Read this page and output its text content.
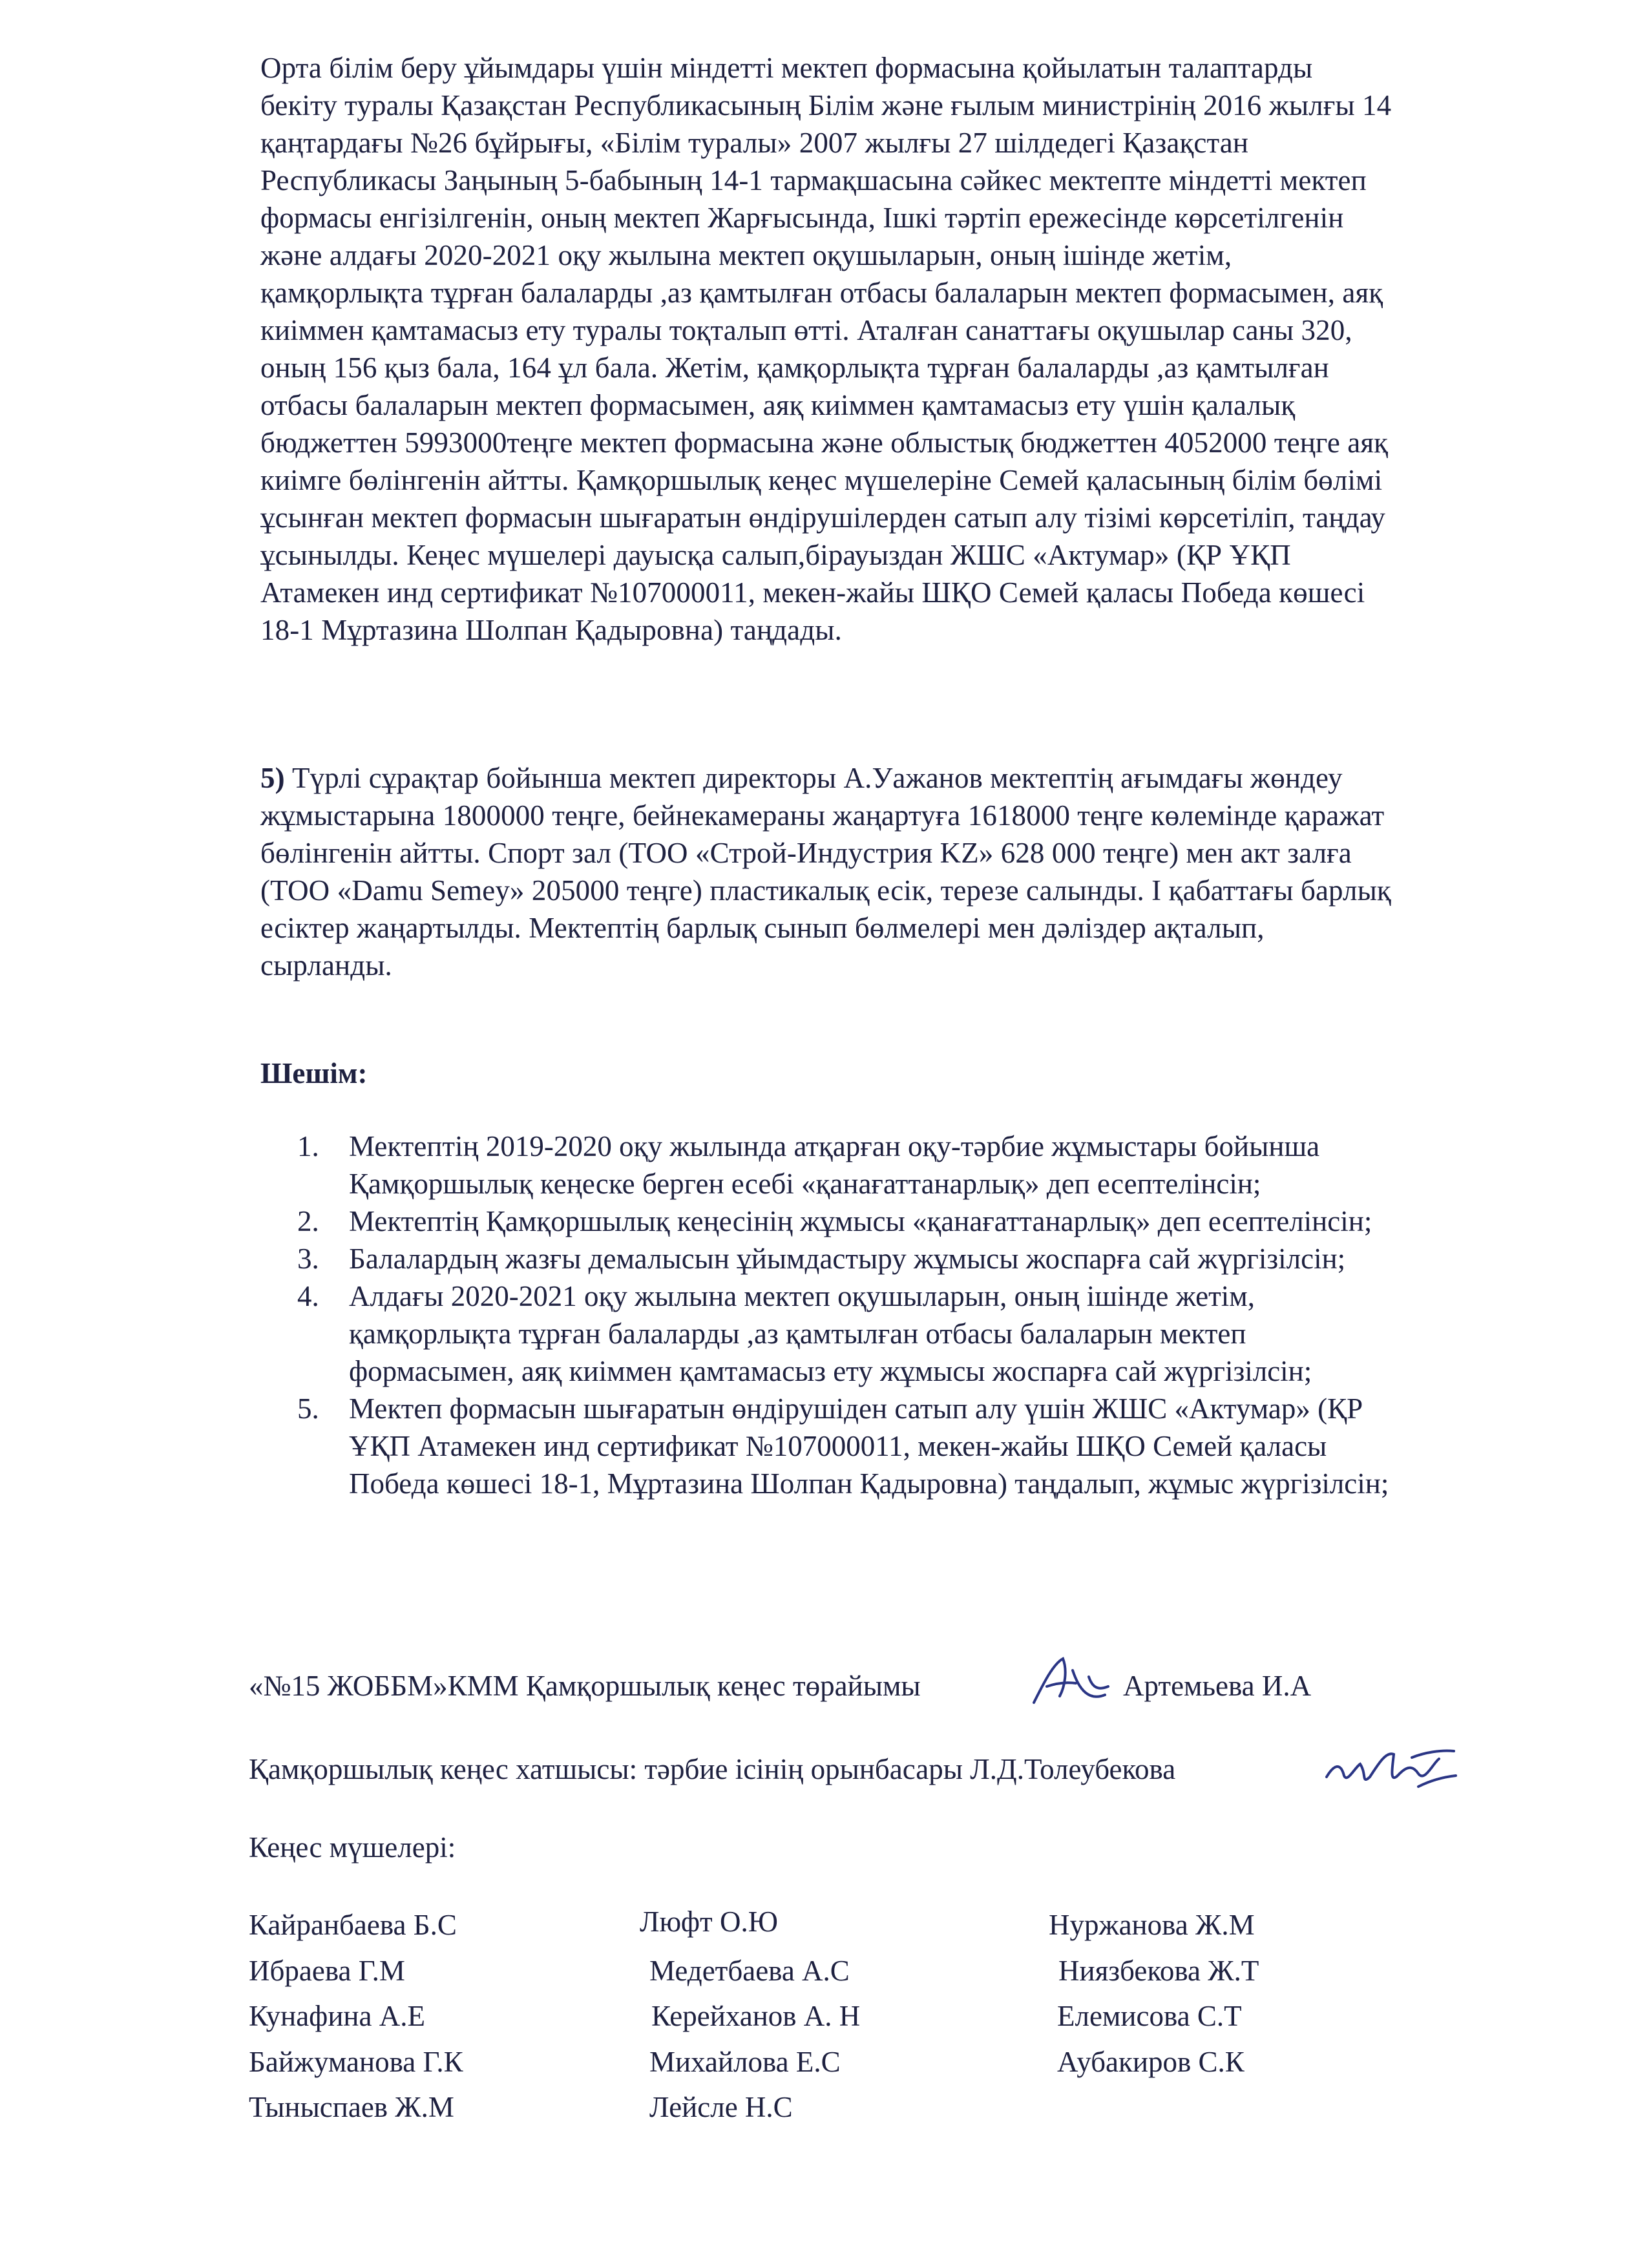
Орта білім беру ұйымдары үшін міндетті мектеп формасына қойылатын талаптарды
бекіту туралы Қазақстан Республикасының Білім және ғылым министрінің 2016 жылғы 14
қаңтардағы №26 бұйрығы, «Білім туралы» 2007 жылғы 27 шілдедегі Қазақстан
Республикасы Заңының 5-бабының 14-1 тармақшасына сәйкес мектепте міндетті мектеп
формасы енгізілгенін, оның мектеп Жарғысында, Ішкі тәртіп ережесінде көрсетілгенін
және алдағы 2020-2021 оқу жылына мектеп оқушыларын, оның ішінде жетім,
қамқорлықта тұрған балаларды ,аз қамтылған отбасы балаларын мектеп формасымен, аяқ
киіммен қамтамасыз ету туралы тоқталып өтті. Аталған санаттағы оқушылар саны 320,
оның 156 қыз бала, 164 ұл бала. Жетім, қамқорлықта тұрған балаларды ,аз қамтылған
отбасы балаларын мектеп формасымен, аяқ киіммен қамтамасыз ету үшін қалалық
бюджеттен 5993000теңге мектеп формасына және облыстық бюджеттен 4052000 теңге аяқ
киімге бөлінгенін айтты. Қамқоршылық кеңес мүшелеріне Семей қаласының білім бөлімі
ұсынған мектеп формасын шығаратын өндірушілерден сатып алу тізімі көрсетіліп, таңдау
ұсынылды. Кеңес мүшелері дауысқа салып,бірауыздан ЖШС «Актумар» (ҚР ҰҚП
Атамекен инд сертификат №107000011, мекен-жайы ШҚО Семей қаласы Победа көшесі
18-1 Мұртазина Шолпан Қадыровна) таңдады.
5) Түрлі сұрақтар бойынша мектеп директоры А.Уажанов мектептің ағымдағы жөндеу
жұмыстарына 1800000 теңге, бейнекамераны жаңартуға 1618000 теңге көлемінде қаражат
бөлінгенін айтты. Спорт зал (ТОО «Строй-Индустрия KZ» 628 000 теңге) мен акт залға
(ТОО «Damu Semey» 205000 теңге) пластикалық есік, терезе салынды. І қабаттағы барлық
есіктер жаңартылды. Мектептің барлық сынып бөлмелері мен дәліздер ақталып,
сырланды.
Шешім:
1. Мектептің 2019-2020 оқу жылында атқарған оқу-тәрбие жұмыстары бойынша
Қамқоршылық кеңеске берген есебі «қанағаттанарлық» деп есептелінсін;
2. Мектептің Қамқоршылық кеңесінің жұмысы «қанағаттанарлық» деп есептелінсін;
3. Балалардың жазғы демалысын ұйымдастыру жұмысы жоспарға сай жүргізілсін;
4. Алдағы 2020-2021 оқу жылына мектеп оқушыларын, оның ішінде жетім,
қамқорлықта тұрған балаларды ,аз қамтылған отбасы балаларын мектеп
формасымен, аяқ киіммен қамтамасыз ету жұмысы жоспарға сай жүргізілсін;
5. Мектеп формасын шығаратын өндірушіден сатып алу үшін ЖШС «Актумар» (ҚР
ҰҚП Атамекен инд сертификат №107000011, мекен-жайы ШҚО Семей қаласы
Победа көшесі 18-1, Мұртазина Шолпан Қадыровна) таңдалып, жұмыс жүргізілсін;
«№15 ЖОББМ»КММ Қамқоршылық кеңес төрайымы	Артемьева И.А
Қамқоршылық кеңес хатшысы: тәрбие ісінің орынбасары Л.Д.Толеубекова
Кеңес мүшелері:
Кайранбаева Б.С
Ибраева Г.М
Кунафина А.Е
Байжуманова Г.К
Тыныспаев Ж.М
Люфт О.Ю
Медетбаева А.С
Керейханов А. Н
Михайлова Е.С
Лейсле Н.С
Нуржанова Ж.М
Ниязбекова Ж.Т
Елемисова С.Т
Аубакиров С.К
